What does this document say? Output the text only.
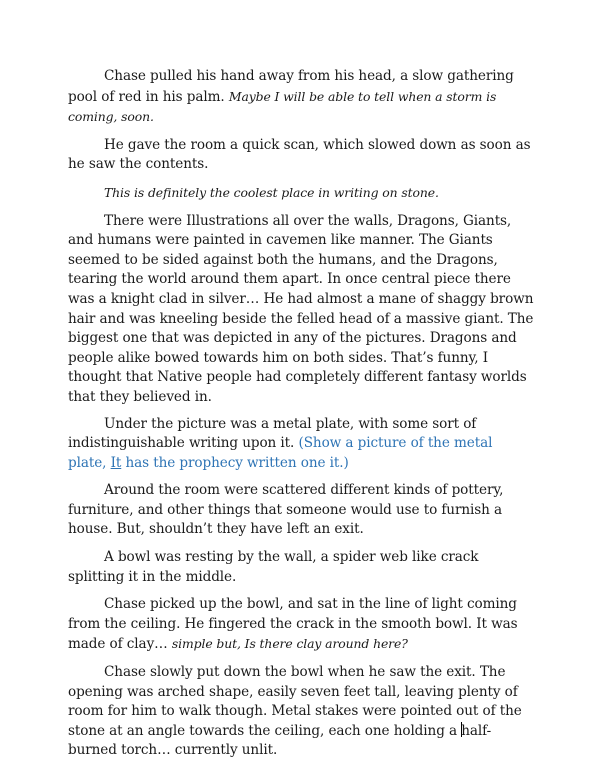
Chase pulled his hand away from his head, a slow gathering pool of red in his palm. Maybe I will be able to tell when a storm is coming, soon.

He gave the room a quick scan, which slowed down as soon as he saw the contents.

This is definitely the coolest place in writing on stone.

There were Illustrations all over the walls, Dragons, Giants, and humans were painted in cavemen like manner. The Giants seemed to be sided against both the humans, and the Dragons, tearing the world around them apart. In once central piece there was a knight clad in silver… He had almost a mane of shaggy brown hair and was kneeling beside the felled head of a massive giant. The biggest one that was depicted in any of the pictures. Dragons and people alike bowed towards him on both sides. That’s funny, I thought that Native people had completely different fantasy worlds that they believed in.

Under the picture was a metal plate, with some sort of indistinguishable writing upon it. (Show a picture of the metal plate, It has the prophecy written one it.)

Around the room were scattered different kinds of pottery, furniture, and other things that someone would use to furnish a house. But, shouldn’t they have left an exit.

A bowl was resting by the wall, a spider web like crack splitting it in the middle.

Chase picked up the bowl, and sat in the line of light coming from the ceiling. He fingered the crack in the smooth bowl. It was made of clay… simple but, Is there clay around here?

Chase slowly put down the bowl when he saw the exit. The opening was arched shape, easily seven feet tall, leaving plenty of room for him to walk though. Metal stakes were pointed out of the stone at an angle towards the ceiling, each one holding a half-burned torch… currently unlit.
